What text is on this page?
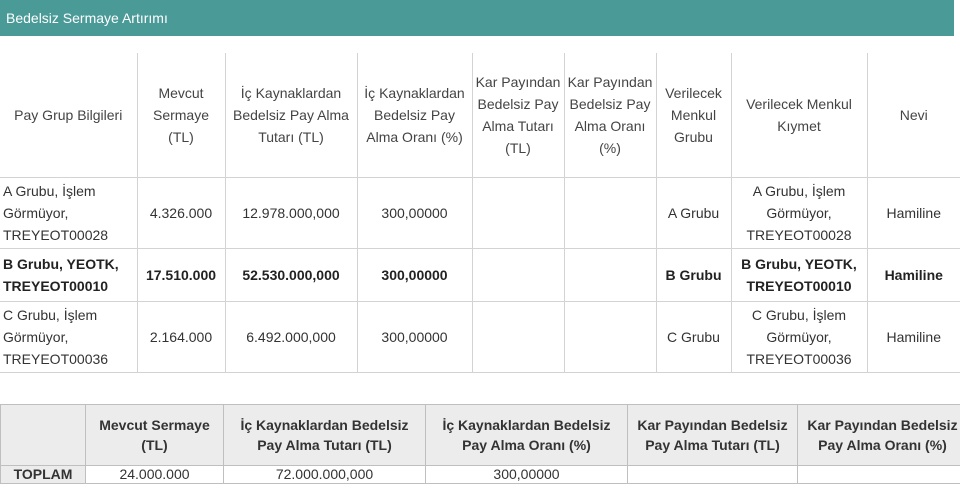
Bedelsiz Sermaye Artırımı
Pay Grup Bilgileri	Mevcut Sermaye (TL)	İç Kaynaklardan Bedelsiz Pay Alma Tutarı (TL)	İç Kaynaklardan Bedelsiz Pay Alma Oranı (%)	Kar Payından Bedelsiz Pay Alma Tutarı (TL)	Kar Payından Bedelsiz Pay Alma Oranı (%)	Verilecek Menkul Grubu	Verilecek Menkul Kıymet	Nevi
A Grubu, İşlem Görmüyor, TREYEOT00028	4.326.000	12.978.000,000	300,00000			A Grubu	A Grubu, İşlem Görmüyor, TREYEOT00028	Hamiline
B Grubu, YEOTK, TREYEOT00010	17.510.000	52.530.000,000	300,00000			B Grubu	B Grubu, YEOTK, TREYEOT00010	Hamiline
C Grubu, İşlem Görmüyor, TREYEOT00036	2.164.000	6.492.000,000	300,00000			C Grubu	C Grubu, İşlem Görmüyor, TREYEOT00036	Hamiline
	Mevcut Sermaye (TL)	İç Kaynaklardan Bedelsiz Pay Alma Tutarı (TL)	İç Kaynaklardan Bedelsiz Pay Alma Oranı (%)	Kar Payından Bedelsiz Pay Alma Tutarı (TL)	Kar Payından Bedelsiz Pay Alma Oranı (%)
TOPLAM	24.000.000	72.000.000,000	300,00000		
